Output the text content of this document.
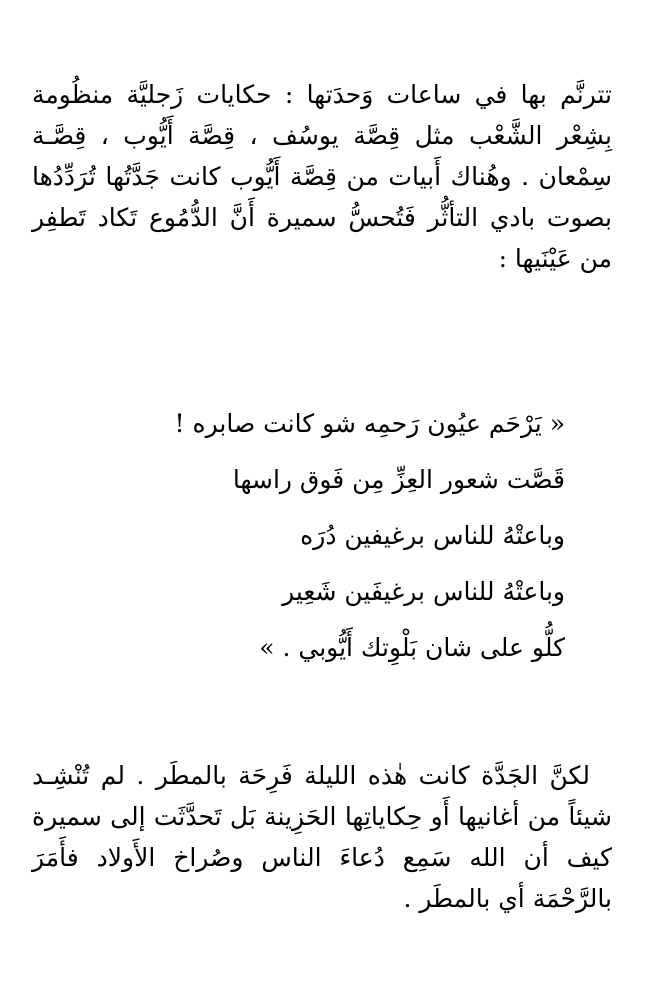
تترنَّم بها في ساعات وَحدَتها : حكايات زَجليَّة منظُومة
بِشِعْر الشَّعْب مثل قِصَّة يوسُف ، قِصَّة أَيُّوب ، قِصَّـة
سِمْعان . وهُناك أَبيات من قِصَّة أَيُّوب كانت جَدَّتُها تُرَدِّدُها
بصوت بادي التأثُّر فَتُحسُّ سميرة أَنَّ الدُّمُوع تَكاد تَطفِر
من عَيْنَيها :
« يَرْحَم عيُون رَحمِه شو كانت صابره !
قَصَّت شعور العِزِّ مِن فَوق راسها
وباعتْهُ للناس برغيفين دُرَه
وباعتْهُ للناس برغيفَين شَعِير
كلُّو على شان بَلْوِتك أَيُّوبي . »
لكنَّ الجَدَّة كانت هٰذه الليلة فَرِحَة بالمطَر . لم تُنْشِـد
شيئاً من أغانيها أَو حِكاياتِها الحَزِينة بَل تَحدَّثَت إلى سميرة
كيف أن الله سَمِع دُعاءَ الناس وصُراخ الأَولاد فأَمَرَ
بالرَّحْمَة أي بالمطَر .
